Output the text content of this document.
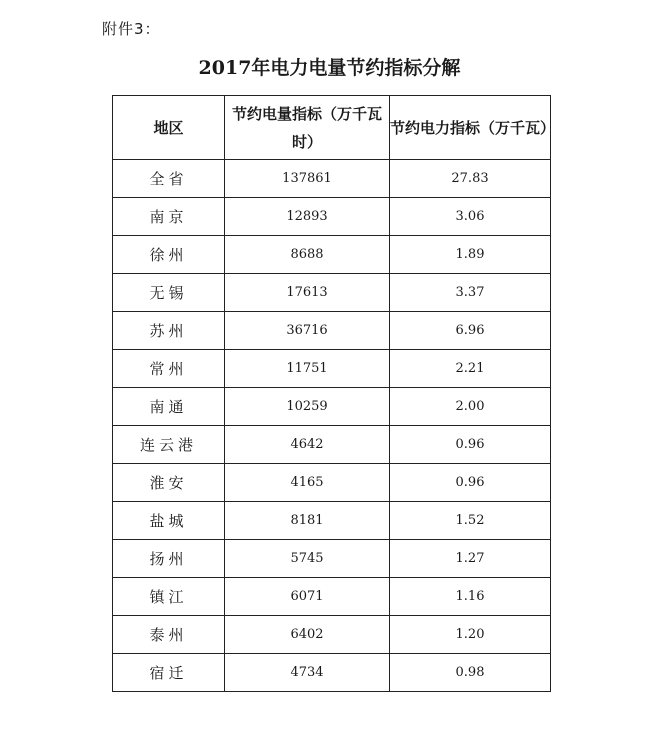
附件3：
2017年电力电量节约指标分解
地区	节约电量指标（万千瓦时）	节约电力指标（万千瓦）
全省	137861	27.83
南京	12893	3.06
徐州	8688	1.89
无锡	17613	3.37
苏州	36716	6.96
常州	11751	2.21
南通	10259	2.00
连云港	4642	0.96
淮安	4165	0.96
盐城	8181	1.52
扬州	5745	1.27
镇江	6071	1.16
泰州	6402	1.20
宿迁	4734	0.98
